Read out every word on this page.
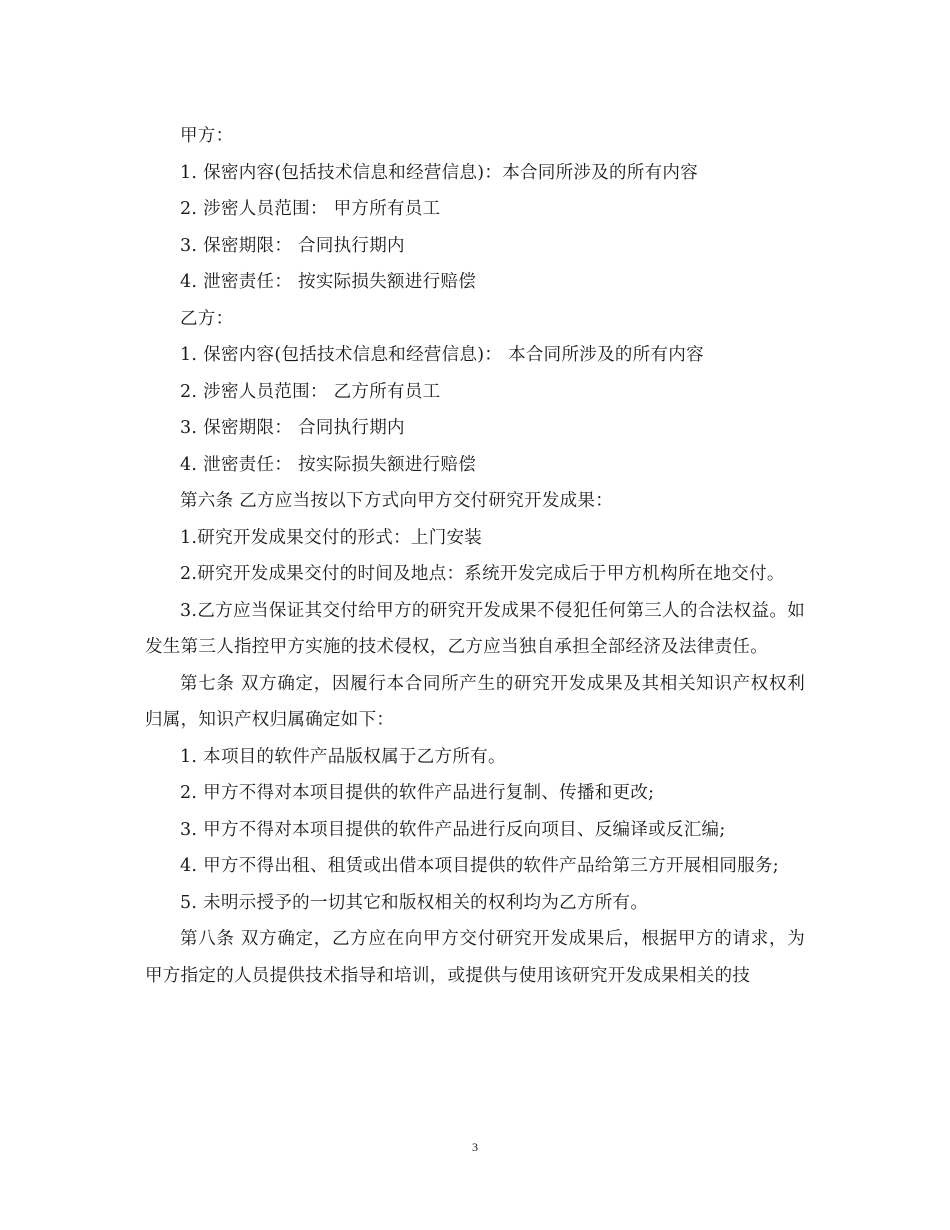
甲方：
1. 保密内容(包括技术信息和经营信息)：本合同所涉及的所有内容
2. 涉密人员范围： 甲方所有员工
3. 保密期限： 合同执行期内
4. 泄密责任： 按实际损失额进行赔偿
乙方：
1. 保密内容(包括技术信息和经营信息)： 本合同所涉及的所有内容
2. 涉密人员范围： 乙方所有员工
3. 保密期限： 合同执行期内
4. 泄密责任： 按实际损失额进行赔偿
第六条 乙方应当按以下方式向甲方交付研究开发成果：
1.研究开发成果交付的形式：上门安装

2.研究开发成果交付的时间及地点：系统开发完成后于甲方机构所在地交付。

3.乙方应当保证其交付给甲方的研究开发成果不侵犯任何第三人的合法权益。如发生第三人指控甲方实施的技术侵权，乙方应当独自承担全部经济及法律责任。

第七条 双方确定，因履行本合同所产生的研究开发成果及其相关知识产权权利归属，知识产权归属确定如下：

1. 本项目的软件产品版权属于乙方所有。

2. 甲方不得对本项目提供的软件产品进行复制、传播和更改;

3. 甲方不得对本项目提供的软件产品进行反向项目、反编译或反汇编;

4. 甲方不得出租、租赁或出借本项目提供的软件产品给第三方开展相同服务;

5. 未明示授予的一切其它和版权相关的权利均为乙方所有。

第八条 双方确定，乙方应在向甲方交付研究开发成果后，根据甲方的请求，为甲方指定的人员提供技术指导和培训，或提供与使用该研究开发成果相关的技

3
